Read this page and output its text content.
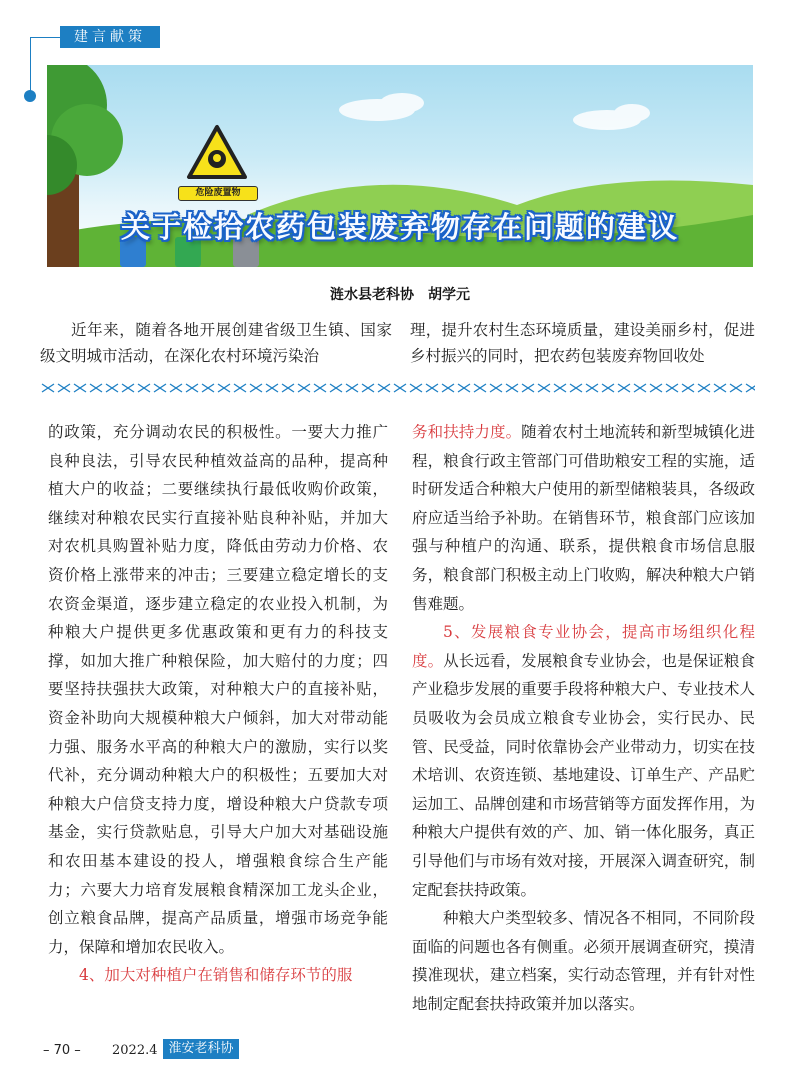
建言献策
危险废置物
关于检拾农药包装废弃物存在问题的建议
涟水县老科协　胡学元

近年来，随着各地开展创建省级卫生镇、国家级文明城市活动，在深化农村环境污染治

理，提升农村生态环境质量，建设美丽乡村，促进乡村振兴的同时，把农药包装废弃物回收处

的政策，充分调动农民的积极性。一要大力推广良种良法，引导农民种植效益高的品种，提高种植大户的收益；二要继续执行最低收购价政策，继续对种粮农民实行直接补贴良种补贴，并加大对农机具购置补贴力度，降低由劳动力价格、农资价格上涨带来的冲击；三要建立稳定增长的支农资金渠道，逐步建立稳定的农业投入机制，为种粮大户提供更多优惠政策和更有力的科技支撑，如加大推广种粮保险，加大赔付的力度；四要坚持扶强扶大政策，对种粮大户的直接补贴，资金补助向大规模种粮大户倾斜，加大对带动能力强、服务水平高的种粮大户的激励，实行以奖代补，充分调动种粮大户的积极性；五要加大对种粮大户信贷支持力度，增设种粮大户贷款专项基金，实行贷款贴息，引导大户加大对基础设施和农田基本建设的投人，增强粮食综合生产能力；六要大力培育发展粮食精深加工龙头企业，创立粮食品牌，提高产品质量，增强市场竞争能力，保障和增加农民收入。

4、加大对种植户在销售和储存环节的服

务和扶持力度。随着农村土地流转和新型城镇化进程，粮食行政主管部门可借助粮安工程的实施，适时研发适合种粮大户使用的新型储粮装具，各级政府应适当给予补助。在销售环节，粮食部门应该加强与种植户的沟通、联系，提供粮食市场信息服务，粮食部门积极主动上门收购，解决种粮大户销售难题。

5、发展粮食专业协会，提高市场组织化程度。从长远看，发展粮食专业协会，也是保证粮食产业稳步发展的重要手段将种粮大户、专业技术人员吸收为会员成立粮食专业协会，实行民办、民管、民受益，同时依靠协会产业带动力，切实在技术培训、农资连锁、基地建设、订单生产、产品贮运加工、品牌创建和市场营销等方面发挥作用，为种粮大户提供有效的产、加、销一体化服务，真正引导他们与市场有效对接，开展深入调查研究，制定配套扶持政策。

种粮大户类型较多、情况各不相同，不同阶段面临的问题也各有侧重。必须开展调查研究，摸清摸准现状，建立档案，实行动态管理，并有针对性地制定配套扶持政策并加以落实。

– 70 – 2022.4 淮安老科协
